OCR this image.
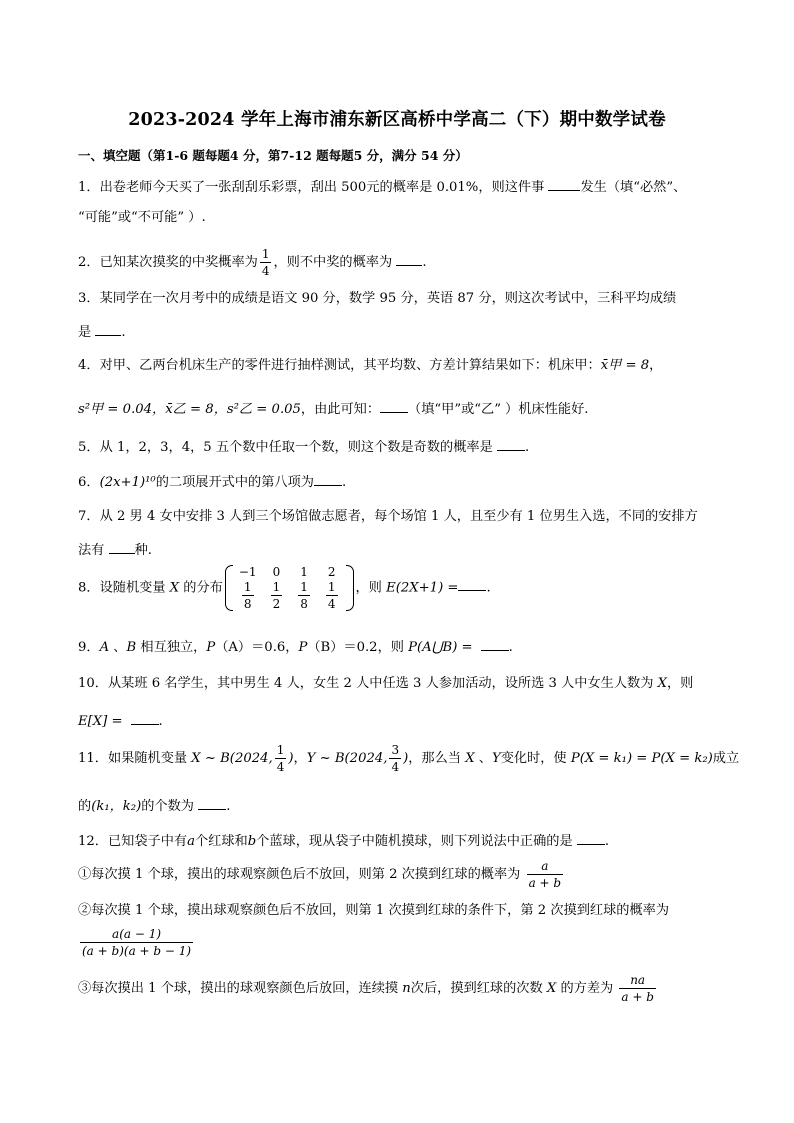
2023-2024 学年上海市浦东新区高桥中学高二（下）期中数学试卷
一、填空题（第1-6 题每题4 分，第7-12 题每题5 分，满分 54 分）
1．出卷老师今天买了一张刮刮乐彩票，刮出 500元的概率是 0.01%，则这件事 发生（填“必然”、
“可能”或“不可能” ）.
2．已知某次摸奖的中奖概率为 $\frac{1}{4}$ ，则不中奖的概率为 .
3．某同学在一次月考中的成绩是语文 90 分，数学 95 分，英语 87 分，则这次考试中，三科平均成绩
是 .
4．对甲、乙两台机床生产的零件进行抽样测试，其平均数、方差计算结果如下：机床甲：x̄甲 = 8，
s²甲 = 0.04，x̄乙 = 8，s²乙 = 0.05，由此可知： （填“甲”或“乙” ）机床性能好.
5．从 1，2，3，4，5 五个数中任取一个数，则这个数是奇数的概率是 .
6．(2x+1)¹⁰的二项展开式中的第八项为 .
7．从 2 男 4 女中安排 3 人到三个场馆做志愿者，每个场馆 1 人，且至少有 1 位男生入选，不同的安排方
法有 种.
8．设随机变量 X 的分布
−1	0	1	2

$\frac{1}{8}$	$\frac{1}{2}$	$\frac{1}{8}$	$\frac{1}{4}$ ，则 E(2X+1) = .
9．A 、B 相互独立，P（A）＝0.6，P（B）＝0.2，则 P(A⋃B) =	.
10．从某班 6 名学生，其中男生 4 人，女生 2 人中任选 3 人参加活动，设所选 3 人中女生人数为 X，则
E[X] =	.
11．如果随机变量 X ~ B(2024, $\frac{1}{4}$ )，Y ~ B(2024, $\frac{3}{4}$ )，那么当 X 、Y变化时，使 P(X = k₁) = P(X = k₂)成立
的(k₁，k₂)的个数为 .
12．已知袋子中有a个红球和b个蓝球，现从袋子中随机摸球，则下列说法中正确的是 .
①每次摸 1 个球，摸出的球观察颜色后不放回，则第 2 次摸到红球的概率为 $\frac{a}{a + b}$
②每次摸 1 个球，摸出球观察颜色后不放回，则第 1 次摸到红球的条件下，第 2 次摸到红球的概率为
$\frac{a(a - 1)}{(a + b)(a + b - 1)}$
③每次摸出 1 个球，摸出的球观察颜色后放回，连续摸 n次后，摸到红球的次数 X 的方差为 $\frac{na}{a + b}$
